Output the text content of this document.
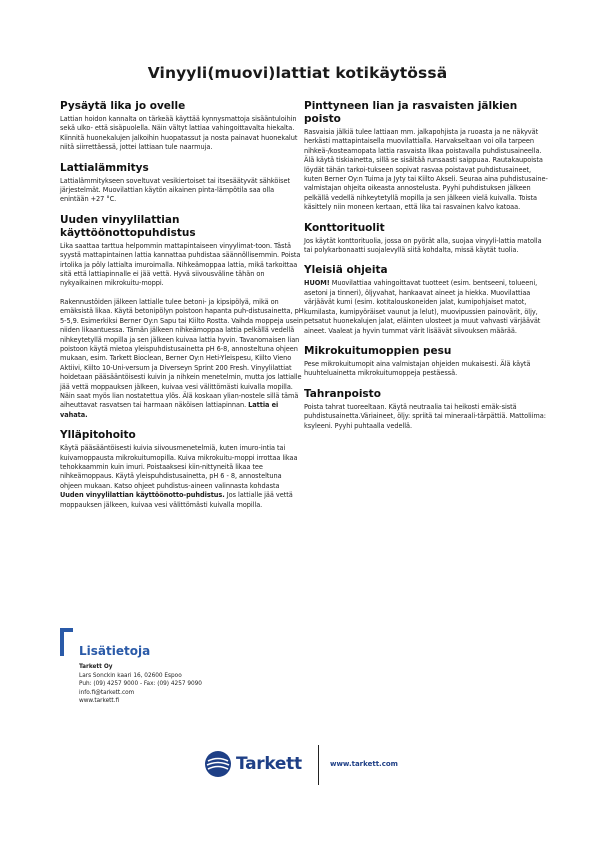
Vinyyli(muovi)lattiat kotikäytössä
Pysäytä lika jo ovelle

Lattian hoidon kannalta on tärkeää käyttää kynnysmattoja sisääntuloihin sekä ulko- että sisäpuolella. Näin vältyt lattiaa vahingoittavalta hiekalta. Kiinnitä huonekalujen jalkoihin huopatassut ja nosta painavat huonekalut niitä siirrettäessä, jottei lattiaan tule naarmuja.

Lattialämmitys

Lattialämmitykseen soveltuvat vesikiertoiset tai itsesäätyvät sähköiset järjestelmät. Muovilattian käytön aikainen pinta-lämpötila saa olla enintään +27 °C.

Uuden vinyylilattian käyttöönottopuhdistus

Lika saattaa tarttua helpommin mattapintaiseen vinyylimat-toon. Tästä syystä mattapintainen lattia kannattaa puhdistaa säännöllisemmin. Poista irtolika ja pöly lattialta imuroimalla. Nihkeämoppaa lattia, mikä tarkoittaa sitä että lattiapinnalle ei jää vettä. Hyvä siivousväline tähän on nykyaikainen mikrokuitu-moppi.

Rakennustöiden jälkeen lattialle tulee betoni- ja kipsipölyä, mikä on emäksistä likaa. Käytä betonipölyn poistoon hapanta puh-distusainetta, pH 5-5,9. Esimerkiksi Berner Oy:n Sapu tai Kiilto Rostta. Vaihda moppeja usein niiden likaantuessa. Tämän jälkeen nihkeämoppaa lattia pelkällä vedellä nihkeytetyllä mopilla ja sen jälkeen kuivaa lattia hyvin. Tavanomaisen lian poistoon käytä mietoa yleispuhdistusainetta pH 6-8, annosteltuna ohjeen mukaan, esim. Tarkett Bioclean, Berner Oy:n Heti-Yleispesu, Kiilto Vieno Aktiivi, Kiilto 10-Uni-versum ja Diverseyn Sprint 200 Fresh. Vinyylilattiat hoidetaan pääsääntöisesti kuivin ja nihkein menetelmin, mutta jos lattialle jää vettä moppauksen jälkeen, kuivaa vesi välittömästi kuivalla mopilla. Näin saat myös lian nostatettua ylös. Älä koskaan ylian-nostele sillä tämä aiheuttavat rasvatsen tai harmaan näköisen lattiapinnan. Lattia ei vahata.

Ylläpitohoito

Käytä pääsääntöisesti kuivia siivousmenetelmiä, kuten imuro-intia tai kuivamoppausta mikrokuitumopilla. Kuiva mikrokuitu-moppi irrottaa likaa tehokkaammin kuin imuri. Poistaaksesi kiin-nittyneitä likaa tee nihkeämoppaus. Käytä yleispuhdistusainetta, pH 6 - 8, annosteltuna ohjeen mukaan. Katso ohjeet puhdistus-aineen valinnasta kohdasta Uuden vinyylilattian käyttöönotto-puhdistus. Jos lattialle jää vettä moppauksen jälkeen, kuivaa vesi välittömästi kuivalla mopilla.

Pinttyneen lian ja rasvaisten jälkien poisto

Rasvaisia jälkiä tulee lattiaan mm. jalkapohjista ja ruoasta ja ne näkyvät herkästi mattapintaisella muovilattialla. Harvakseltaan voi olla tarpeen nihkeä-/kosteamopata lattia rasvaista likaa poistavalla puhdistusaineella. Älä käytä tiskiainetta, sillä se sisältää runsaasti saippuaa. Rautakaupoista löydät tähän tarkoi-tukseen sopivat rasvaa poistavat puhdistusaineet, kuten Berner Oy:n Tuima ja Jyty tai Kiilto Akseli. Seuraa aina puhdistusaine-valmistajan ohjeita oikeasta annostelusta. Pyyhi puhdistuksen jälkeen pelkällä vedellä nihkeytetyllä mopilla ja sen jälkeen vielä kuivalla. Toista käsittely niin moneen kertaan, että lika tai rasvainen kalvo katoaa.

Konttorituolit

Jos käytät konttorituolia, jossa on pyörät alla, suojaa vinyyli-lattia matolla tai polykarbonaatti suojalevyllä siitä kohdalta, missä käytät tuolia.

Yleisiä ohjeita

HUOM! Muovilattiaa vahingoittavat tuotteet (esim. bentseeni, tolueeni, asetoni ja tinneri), öljyvahat, hankaavat aineet ja hiekka. Muovilattiaa värjäävät kumi (esim. kotitalouskoneiden jalat, kumipohjaiset matot, kumilasta, kumipyöräiset vaunut ja lelut), muovipussien painovärit, öljy, petsatut huonekalujen jalat, eläinten ulosteet ja muut vahvasti värjäävät aineet. Vaaleat ja hyvin tummat värit lisäävät siivouksen määrää.

Mikrokuitumoppien pesu

Pese mikrokuitumopit aina valmistajan ohjeiden mukaisesti. Älä käytä huuhteluainetta mikrokuitumoppeja pestäessä.

Tahranpoisto

Poista tahrat tuoreeltaan. Käytä neutraalia tai heikosti emäk-sistä puhdistusainetta.Väriaineet, öljy: spriitä tai mineraali-tärpättiä. Mattoliima: ksyleeni. Pyyhi puhtaalla vedellä.

Lisätietoja
Tarkett Oy
Lars Sonckin kaari 16, 02600 Espoo
Puh: (09) 4257 9000 - Fax: (09) 4257 9090
info.fi@tarkett.com
www.tarkett.fi
Tarkett	www.tarkett.com
